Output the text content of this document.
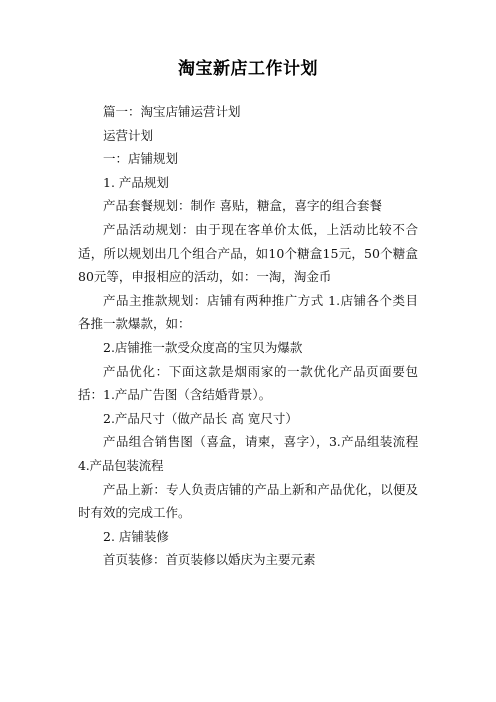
淘宝新店工作计划

篇一：淘宝店铺运营计划

运营计划

一：店铺规划

1. 产品规划

产品套餐规划：制作 喜贴，糖盒，喜字的组合套餐

产品活动规划：由于现在客单价太低，上活动比较不合适，所以规划出几个组合产品，如10个糖盒15元，50个糖盒80元等，申报相应的活动，如：一淘，淘金币

产品主推款规划：店铺有两种推广方式 1.店铺各个类目各推一款爆款，如：

2.店铺推一款受众度高的宝贝为爆款

产品优化：下面这款是烟雨家的一款优化产品页面要包括：1.产品广告图（含结婚背景）。

2.产品尺寸（做产品长 高 宽尺寸）

产品组合销售图（喜盒，请柬，喜字），3.产品组装流程 4.产品包装流程

产品上新：专人负责店铺的产品上新和产品优化，以便及时有效的完成工作。

2. 店铺装修

首页装修：首页装修以婚庆为主要元素
